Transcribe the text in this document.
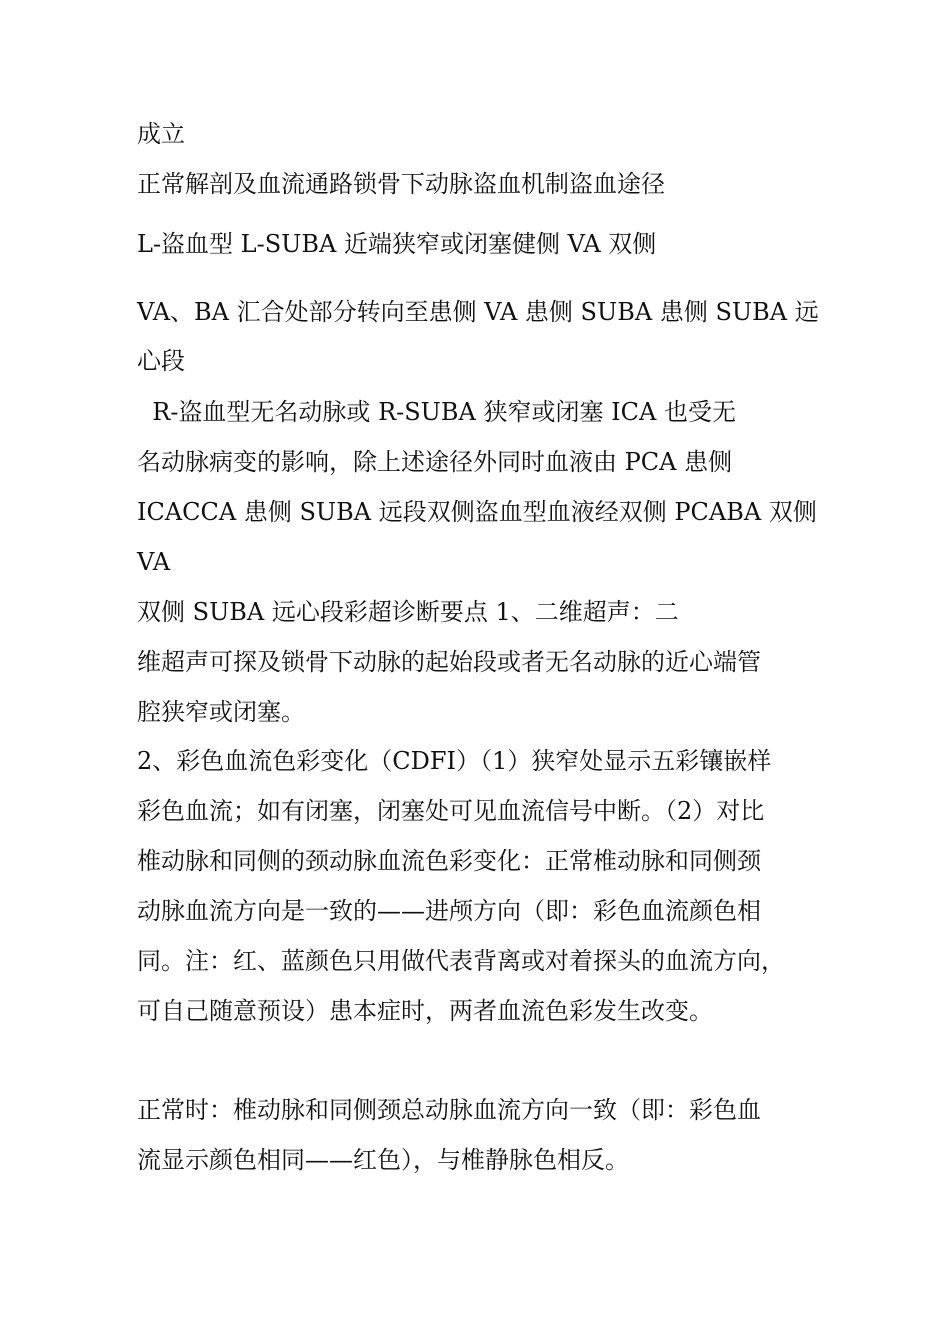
成立
正常解剖及血流通路锁骨下动脉盗血机制盗血途径
L-盗血型 L-SUBA 近端狭窄或闭塞健侧 VA 双侧
VA、BA 汇合处部分转向至患侧 VA 患侧 SUBA 患侧 SUBA 远
心段
R-盗血型无名动脉或 R-SUBA 狭窄或闭塞 ICA 也受无
名动脉病变的影响，除上述途径外同时血液由 PCA 患侧
ICACCA 患侧 SUBA 远段双侧盗血型血液经双侧 PCABA 双侧
VA
双侧 SUBA 远心段彩超诊断要点 1、二维超声：二
维超声可探及锁骨下动脉的起始段或者无名动脉的近心端管
腔狭窄或闭塞。
2、彩色血流色彩变化（CDFI）（1）狭窄处显示五彩镶嵌样
彩色血流；如有闭塞，闭塞处可见血流信号中断。（2）对比
椎动脉和同侧的颈动脉血流色彩变化：正常椎动脉和同侧颈
动脉血流方向是一致的——进颅方向（即：彩色血流颜色相
同。注：红、蓝颜色只用做代表背离或对着探头的血流方向，
可自己随意预设）患本症时，两者血流色彩发生改变。
正常时：椎动脉和同侧颈总动脉血流方向一致（即：彩色血
流显示颜色相同——红色），与椎静脉色相反。
